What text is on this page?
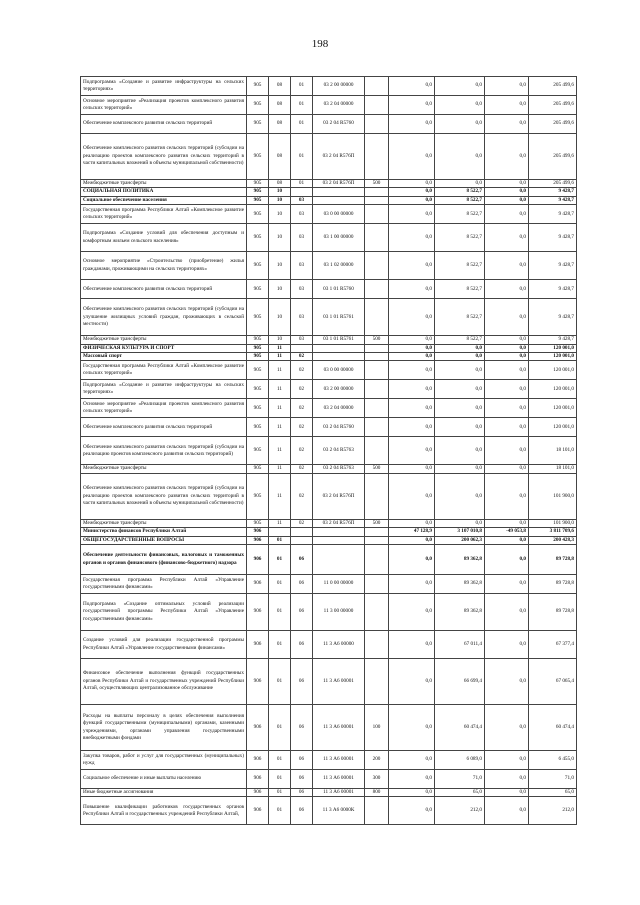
198
Подпрограмма «Создание и развитие инфраструктуры на сельских территориях»	905	08	01	03 2 00 00000		0,0	0,0	0,0	205 499,6
Основное мероприятие «Реализация проектов комплексного развития сельских территорий»	905	08	01	03 2 04 00000		0,0	0,0	0,0	205 499,6
Обеспечение комплексного развития сельских территорий	905	08	01	03 2 04 R5760		0,0	0,0	0,0	205 499,6
Обеспечение комплексного развития сельских территорий (субсидии на реализацию проектов комплексного развития сельских территорий в части капитальных вложений в объекты муниципальной собственности)	905	08	01	03 2 04 R576П		0,0	0,0	0,0	205 499,6
Межбюджетные трансферты	905	08	01	03 2 04 R576П	500	0,0	0,0	0,0	205 499,6
СОЦИАЛЬНАЯ ПОЛИТИКА	905	10				0,0	8 522,7	0,0	9 428,7
Социальное обеспечение населения	905	10	03			0,0	8 522,7	0,0	9 428,7
Государственная программа Республики Алтай «Комплексное развитие сельских территорий»	905	10	03	03 0 00 00000		0,0	8 522,7	0,0	9 428,7
Подпрограмма «Создание условий для обеспечения доступным и комфортным жильем сельского населения»	905	10	03	03 1 00 00000		0,0	8 522,7	0,0	9 428,7
Основное мероприятие «Строительство (приобретение) жилья гражданами, проживающими на сельских территориях»	905	10	03	03 1 02 00000		0,0	8 522,7	0,0	9 428,7
Обеспечение комплексного развития сельских территорий	905	10	03	03 1 01 R5760		0,0	8 522,7	0,0	9 428,7
Обеспечение комплексного развития сельских территорий (субсидии на улучшение жилищных условий граждан, проживающих в сельской местности)	905	10	03	03 1 01 R5761		0,0	8 522,7	0,0	9 428,7
Межбюджетные трансферты	905	10	03	03 1 01 R5761	500	0,0	8 522,7	0,0	9 428,7
ФИЗИЧЕСКАЯ КУЛЬТУРА И СПОРТ	905	11				0,0	0,0	0,0	120 001,0
Массовый спорт	905	11	02			0,0	0,0	0,0	120 001,0
Государственная программа Республики Алтай «Комплексное развитие сельских территорий»	905	11	02	03 0 00 00000		0,0	0,0	0,0	120 001,0
Подпрограмма «Создание и развитие инфраструктуры на сельских территориях»	905	11	02	03 2 00 00000		0,0	0,0	0,0	120 001,0
Основное мероприятие «Реализация проектов комплексного развития сельских территорий»	905	11	02	03 2 04 00000		0,0	0,0	0,0	120 001,0
Обеспечение комплексного развития сельских территорий	905	11	02	03 2 04 R5760		0,0	0,0	0,0	120 001,0
Обеспечение комплексного развития сельских территорий (субсидии на реализацию проектов комплексного развития сельских территорий)	905	11	02	03 2 04 R5763		0,0	0,0	0,0	18 101,0
Межбюджетные трансферты	905	11	02	03 2 04 R5763	500	0,0	0,0	0,0	18 101,0
Обеспечение комплексного развития сельских территорий (субсидии на реализацию проектов комплексного развития сельских территорий в части капитальных вложений в объекты муниципальной собственности)	905	11	02	03 2 04 R576П		0,0	0,0	0,0	101 900,0
Межбюджетные трансферты	905	11	02	03 2 04 R576П	500	0,0	0,0	0,0	101 900,0
Министерство финансов Республики Алтай	906					47 128,9	3 107 010,8	-49 053,8	3 811 709,6
ОБЩЕГОСУДАРСТВЕННЫЕ ВОПРОСЫ	906	01				0,0	200 062,3	0,0	200 428,3
Обеспечение деятельности финансовых, налоговых и таможенных органов и органов финансового (финансово-бюджетного) надзора	906	01	06			0,0	89 362,8	0,0	89 728,8
Государственная программа Республики Алтай «Управление государственными финансами»	906	01	06	11 0 00 00000		0,0	89 362,8	0,0	89 728,8
Подпрограмма «Создание оптимальных условий реализации государственной программы Республики Алтай «Управление государственными финансами»	906	01	06	11 3 00 00000		0,0	89 362,8	0,0	89 728,8
Создание условий для реализации государственной программы Республики Алтай «Управление государственными финансами»	906	01	06	11 3 А6 00000		0,0	67 011,4	0,0	67 377,4
Финансовое обеспечение выполнения функций государственных органов Республики Алтай и государственных учреждений Республики Алтай, осуществляющих централизованное обслуживание	906	01	06	11 3 А6 00001		0,0	66 699,4	0,0	67 065,4
Расходы на выплаты персоналу в целях обеспечения выполнения функций государственными (муниципальными) органами, казенными учреждениями, органами управления государственными внебюджетными фондами	906	01	06	11 3 А6 00001	100	0,0	60 474,4	0,0	60 474,4
Закупка товаров, работ и услуг для государственных (муниципальных) нужд	906	01	06	11 3 А6 00001	200	0,0	6 089,0	0,0	6 455,0
Социальное обеспечение и иные выплаты населению	906	01	06	11 3 А6 00001	300	0,0	71,0	0,0	71,0
Иные бюджетные ассигнования	906	01	06	11 3 А6 00001	800	0,0	65,0	0,0	65,0
Повышение квалификации работников государственных органов Республики Алтай и государственных учреждений Республики Алтай,	906	01	06	11 3 А6 0000К		0,0	212,0	0,0	212,0
